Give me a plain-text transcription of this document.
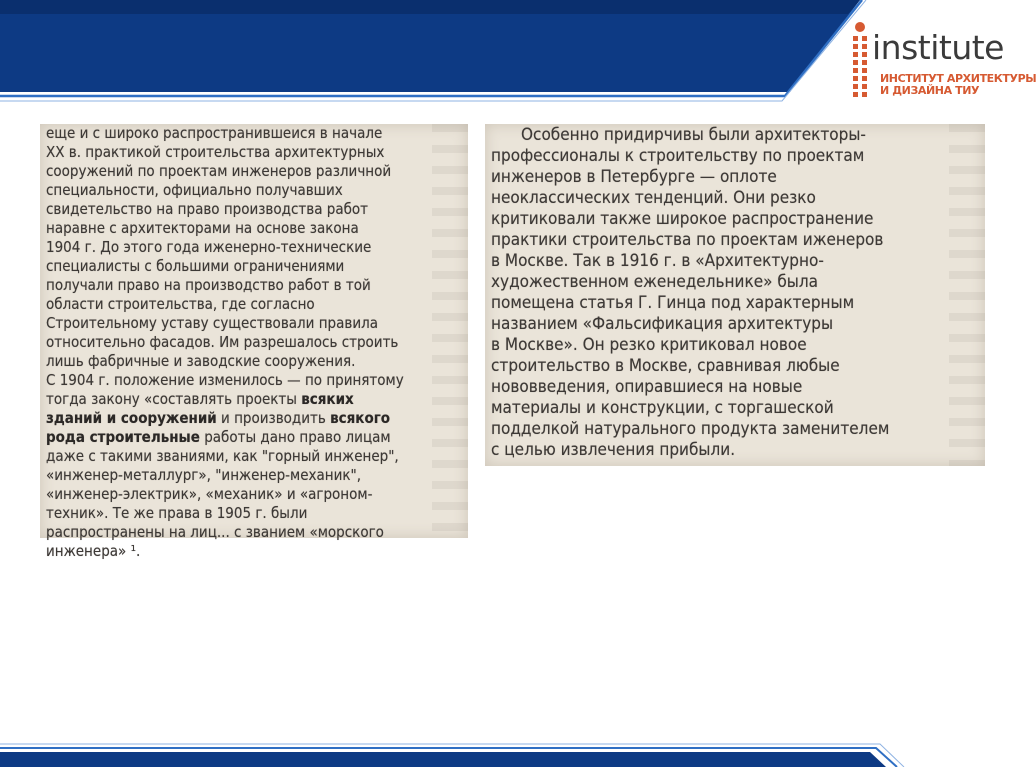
institute
ИНСТИТУТ АРХИТЕКТУРЫ
И ДИЗАЙНА ТИУ
еще и с широко распространившеися в начале
XX в. практикой строительства архитектурных
сооружений по проектам инженеров различной
специальности, официально получавших
свидетельство на право производства работ
наравне с архитекторами на основе закона
1904 г. До этого года иженерно-технические
специалисты с большими ограничениями
получали право на производство работ в той
области строительства, где согласно
Строительному уставу существовали правила
относительно фасадов. Им разрешалось строить
лишь фабричные и заводские сооружения.
С 1904 г. положение изменилось — по принятому
тогда закону «составлять проекты всяких
зданий и сооружений и производить всякого
рода строительные работы дано право лицам
даже с такими званиями, как "горный инженер",
«инженер-металлург», "инженер-механик",
«инженер-электрик», «механик» и «агроном-
техник». Те же права в 1905 г. были
распространены на лиц... с званием «морского
инженера» ¹.
Особенно придирчивы были архитекторы-
профессионалы к строительству по проектам
инженеров в Петербурге — оплоте
неоклассических тенденций. Они резко
критиковали также широкое распространение
практики строительства по проектам иженеров
в Москве. Так в 1916 г. в «Архитектурно-
художественном еженедельнике» была
помещена статья Г. Гинца под характерным
названием «Фальсификация архитектуры
в Москве». Он резко критиковал новое
строительство в Москве, сравнивая любые
нововведения, опиравшиеся на новые
материалы и конструкции, с торгашеской
подделкой натурального продукта заменителем
с целью извлечения прибыли.
